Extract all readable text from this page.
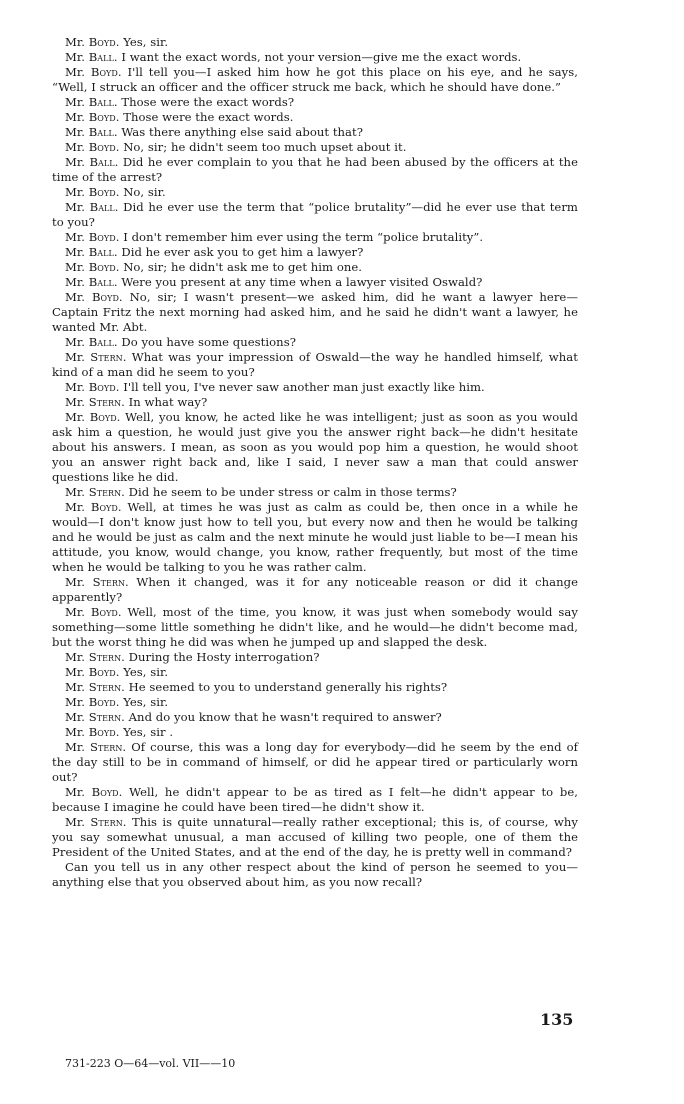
Mr. Boyd. Yes, sir.

Mr. Ball. I want the exact words, not your version—give me the exact words.

Mr. Boyd. I'll tell you—I asked him how he got this place on his eye, and he says, “Well, I struck an officer and the officer struck me back, which he should have done.”

Mr. Ball. Those were the exact words?

Mr. Boyd. Those were the exact words.

Mr. Ball. Was there anything else said about that?

Mr. Boyd. No, sir; he didn't seem too much upset about it.

Mr. Ball. Did he ever complain to you that he had been abused by the officers at the time of the arrest?

Mr. Boyd. No, sir.

Mr. Ball. Did he ever use the term that “police brutality”—did he ever use that term to you?

Mr. Boyd. I don't remember him ever using the term “police brutality”.

Mr. Ball. Did he ever ask you to get him a lawyer?

Mr. Boyd. No, sir; he didn't ask me to get him one.

Mr. Ball. Were you present at any time when a lawyer visited Oswald?

Mr. Boyd. No, sir; I wasn't present—we asked him, did he want a lawyer here—Captain Fritz the next morning had asked him, and he said he didn't want a lawyer, he wanted Mr. Abt.

Mr. Ball. Do you have some questions?

Mr. Stern. What was your impression of Oswald—the way he handled himself, what kind of a man did he seem to you?

Mr. Boyd. I'll tell you, I've never saw another man just exactly like him.

Mr. Stern. In what way?

Mr. Boyd. Well, you know, he acted like he was intelligent; just as soon as you would ask him a question, he would just give you the answer right back—he didn't hesitate about his answers. I mean, as soon as you would pop him a question, he would shoot you an answer right back and, like I said, I never saw a man that could answer questions like he did.

Mr. Stern. Did he seem to be under stress or calm in those terms?

Mr. Boyd. Well, at times he was just as calm as could be, then once in a while he would—I don't know just how to tell you, but every now and then he would be talking and he would be just as calm and the next minute he would just liable to be—I mean his attitude, you know, would change, you know, rather frequently, but most of the time when he would be talking to you he was rather calm.

Mr. Stern. When it changed, was it for any noticeable reason or did it change apparently?

Mr. Boyd. Well, most of the time, you know, it was just when somebody would say something—some little something he didn't like, and he would—he didn't become mad, but the worst thing he did was when he jumped up and slapped the desk.

Mr. Stern. During the Hosty interrogation?

Mr. Boyd. Yes, sir.

Mr. Stern. He seemed to you to understand generally his rights?

Mr. Boyd. Yes, sir.

Mr. Stern. And do you know that he wasn't required to answer?

Mr. Boyd. Yes, sir .

Mr. Stern. Of course, this was a long day for everybody—did he seem by the end of the day still to be in command of himself, or did he appear tired or particularly worn out?

Mr. Boyd. Well, he didn't appear to be as tired as I felt—he didn't appear to be, because I imagine he could have been tired—he didn't show it.

Mr. Stern. This is quite unnatural—really rather exceptional; this is, of course, why you say somewhat unusual, a man accused of killing two people, one of them the President of the United States, and at the end of the day, he is pretty well in command?

Can you tell us in any other respect about the kind of person he seemed to you—anything else that you observed about him, as you now recall?

135
731-223 O—64—vol. VII——10
